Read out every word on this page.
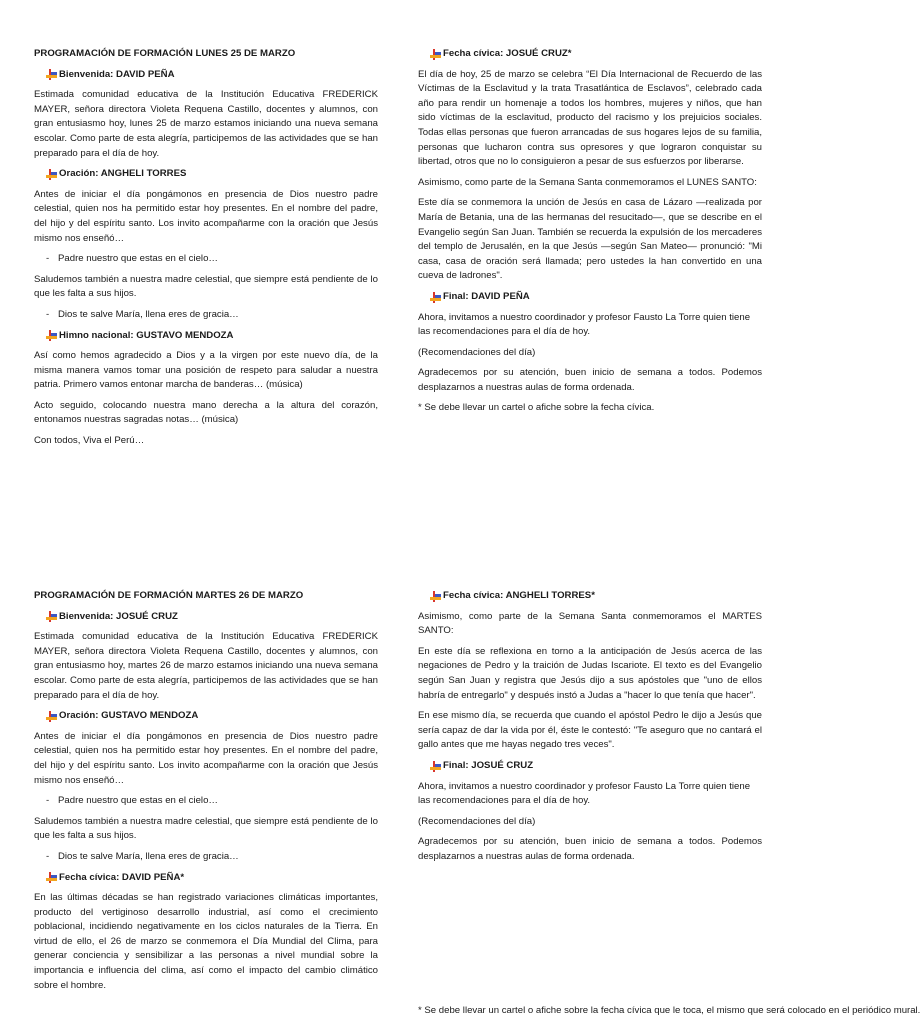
PROGRAMACIÓN DE FORMACIÓN LUNES 25 DE MARZO
Bienvenida: DAVID PEÑA
Estimada comunidad educativa de la Institución Educativa FREDERICK MAYER, señora directora Violeta Requena Castillo, docentes y alumnos, con gran entusiasmo hoy, lunes 25 de marzo estamos iniciando una nueva semana escolar. Como parte de esta alegría, participemos de las actividades que se han preparado para el día de hoy.
Oración: ANGHELI TORRES
Antes de iniciar el día pongámonos en presencia de Dios nuestro padre celestial, quien nos ha permitido estar hoy presentes. En el nombre del padre, del hijo y del espíritu santo. Los invito acompañarme con la oración que Jesús mismo nos enseñó…
- Padre nuestro que estas en el cielo…
Saludemos también a nuestra madre celestial, que siempre está pendiente de lo que les falta a sus hijos.
- Dios te salve María, llena eres de gracia…
Himno nacional: GUSTAVO MENDOZA
Así como hemos agradecido a Dios y a la virgen por este nuevo día, de la misma manera vamos tomar una posición de respeto para saludar a nuestra patria. Primero vamos entonar marcha de banderas… (música)
Acto seguido, colocando nuestra mano derecha a la altura del corazón, entonamos nuestras sagradas notas… (música)
Con todos, Viva el Perú…
Fecha cívica: JOSUÉ CRUZ*
El día de hoy, 25 de marzo se celebra “El Día Internacional de Recuerdo de las Víctimas de la Esclavitud y la trata Trasatlántica de Esclavos”, celebrado cada año para rendir un homenaje a todos los hombres, mujeres y niños, que han sido víctimas de la esclavitud, producto del racismo y los prejuicios sociales. Todas ellas personas que fueron arrancadas de sus hogares lejos de su familia, personas que lucharon contra sus opresores y que lograron conquistar su libertad, otros que no lo consiguieron a pesar de sus esfuerzos por liberarse.
Asimismo, como parte de la Semana Santa conmemoramos el LUNES SANTO:
Este día se conmemora la unción de Jesús en casa de Lázaro —realizada por María de Betania, una de las hermanas del resucitado—, que se describe en el Evangelio según San Juan. También se recuerda la expulsión de los mercaderes del templo de Jerusalén, en la que Jesús —según San Mateo— pronunció: "Mi casa, casa de oración será llamada; pero ustedes la han convertido en una cueva de ladrones".
Final: DAVID PEÑA
Ahora, invitamos a nuestro coordinador y profesor Fausto La Torre quien tiene las recomendaciones para el día de hoy.
(Recomendaciones del día)
Agradecemos por su atención, buen inicio de semana a todos. Podemos desplazarnos a nuestras aulas de forma ordenada.
* Se debe llevar un cartel o afiche sobre la fecha cívica.
PROGRAMACIÓN DE FORMACIÓN MARTES 26 DE MARZO
Bienvenida: JOSUÉ CRUZ
Estimada comunidad educativa de la Institución Educativa FREDERICK MAYER, señora directora Violeta Requena Castillo, docentes y alumnos, con gran entusiasmo hoy, martes 26 de marzo estamos iniciando una nueva semana escolar. Como parte de esta alegría, participemos de las actividades que se han preparado para el día de hoy.
Oración: GUSTAVO MENDOZA
Antes de iniciar el día pongámonos en presencia de Dios nuestro padre celestial, quien nos ha permitido estar hoy presentes. En el nombre del padre, del hijo y del espíritu santo. Los invito acompañarme con la oración que Jesús mismo nos enseñó…
- Padre nuestro que estas en el cielo…
Saludemos también a nuestra madre celestial, que siempre está pendiente de lo que les falta a sus hijos.
- Dios te salve María, llena eres de gracia…
Fecha cívica: DAVID PEÑA*
En las últimas décadas se han registrado variaciones climáticas importantes, producto del vertiginoso desarrollo industrial, así como el crecimiento poblacional, incidiendo negativamente en los ciclos naturales de la Tierra. En virtud de ello, el 26 de marzo se conmemora el Día Mundial del Clima, para generar conciencia y sensibilizar a las personas a nivel mundial sobre la importancia e influencia del clima, así como el impacto del cambio climático sobre el hombre.
Fecha cívica: ANGHELI TORRES*
Asimismo, como parte de la Semana Santa conmemoramos el MARTES SANTO:
En este día se reflexiona en torno a la anticipación de Jesús acerca de las negaciones de Pedro y la traición de Judas Iscariote. El texto es del Evangelio según San Juan y registra que Jesús dijo a sus apóstoles que "uno de ellos habría de entregarlo" y después instó a Judas a "hacer lo que tenía que hacer".
En ese mismo día, se recuerda que cuando el apóstol Pedro le dijo a Jesús que sería capaz de dar la vida por él, éste le contestó: "Te aseguro que no cantará el gallo antes que me hayas negado tres veces".
Final: JOSUÉ CRUZ
Ahora, invitamos a nuestro coordinador y profesor Fausto La Torre quien tiene las recomendaciones para el día de hoy.
(Recomendaciones del día)
Agradecemos por su atención, buen inicio de semana a todos. Podemos desplazarnos a nuestras aulas de forma ordenada.
* Se debe llevar un cartel o afiche sobre la fecha cívica que le toca, el mismo que será colocado en el periódico mural.
